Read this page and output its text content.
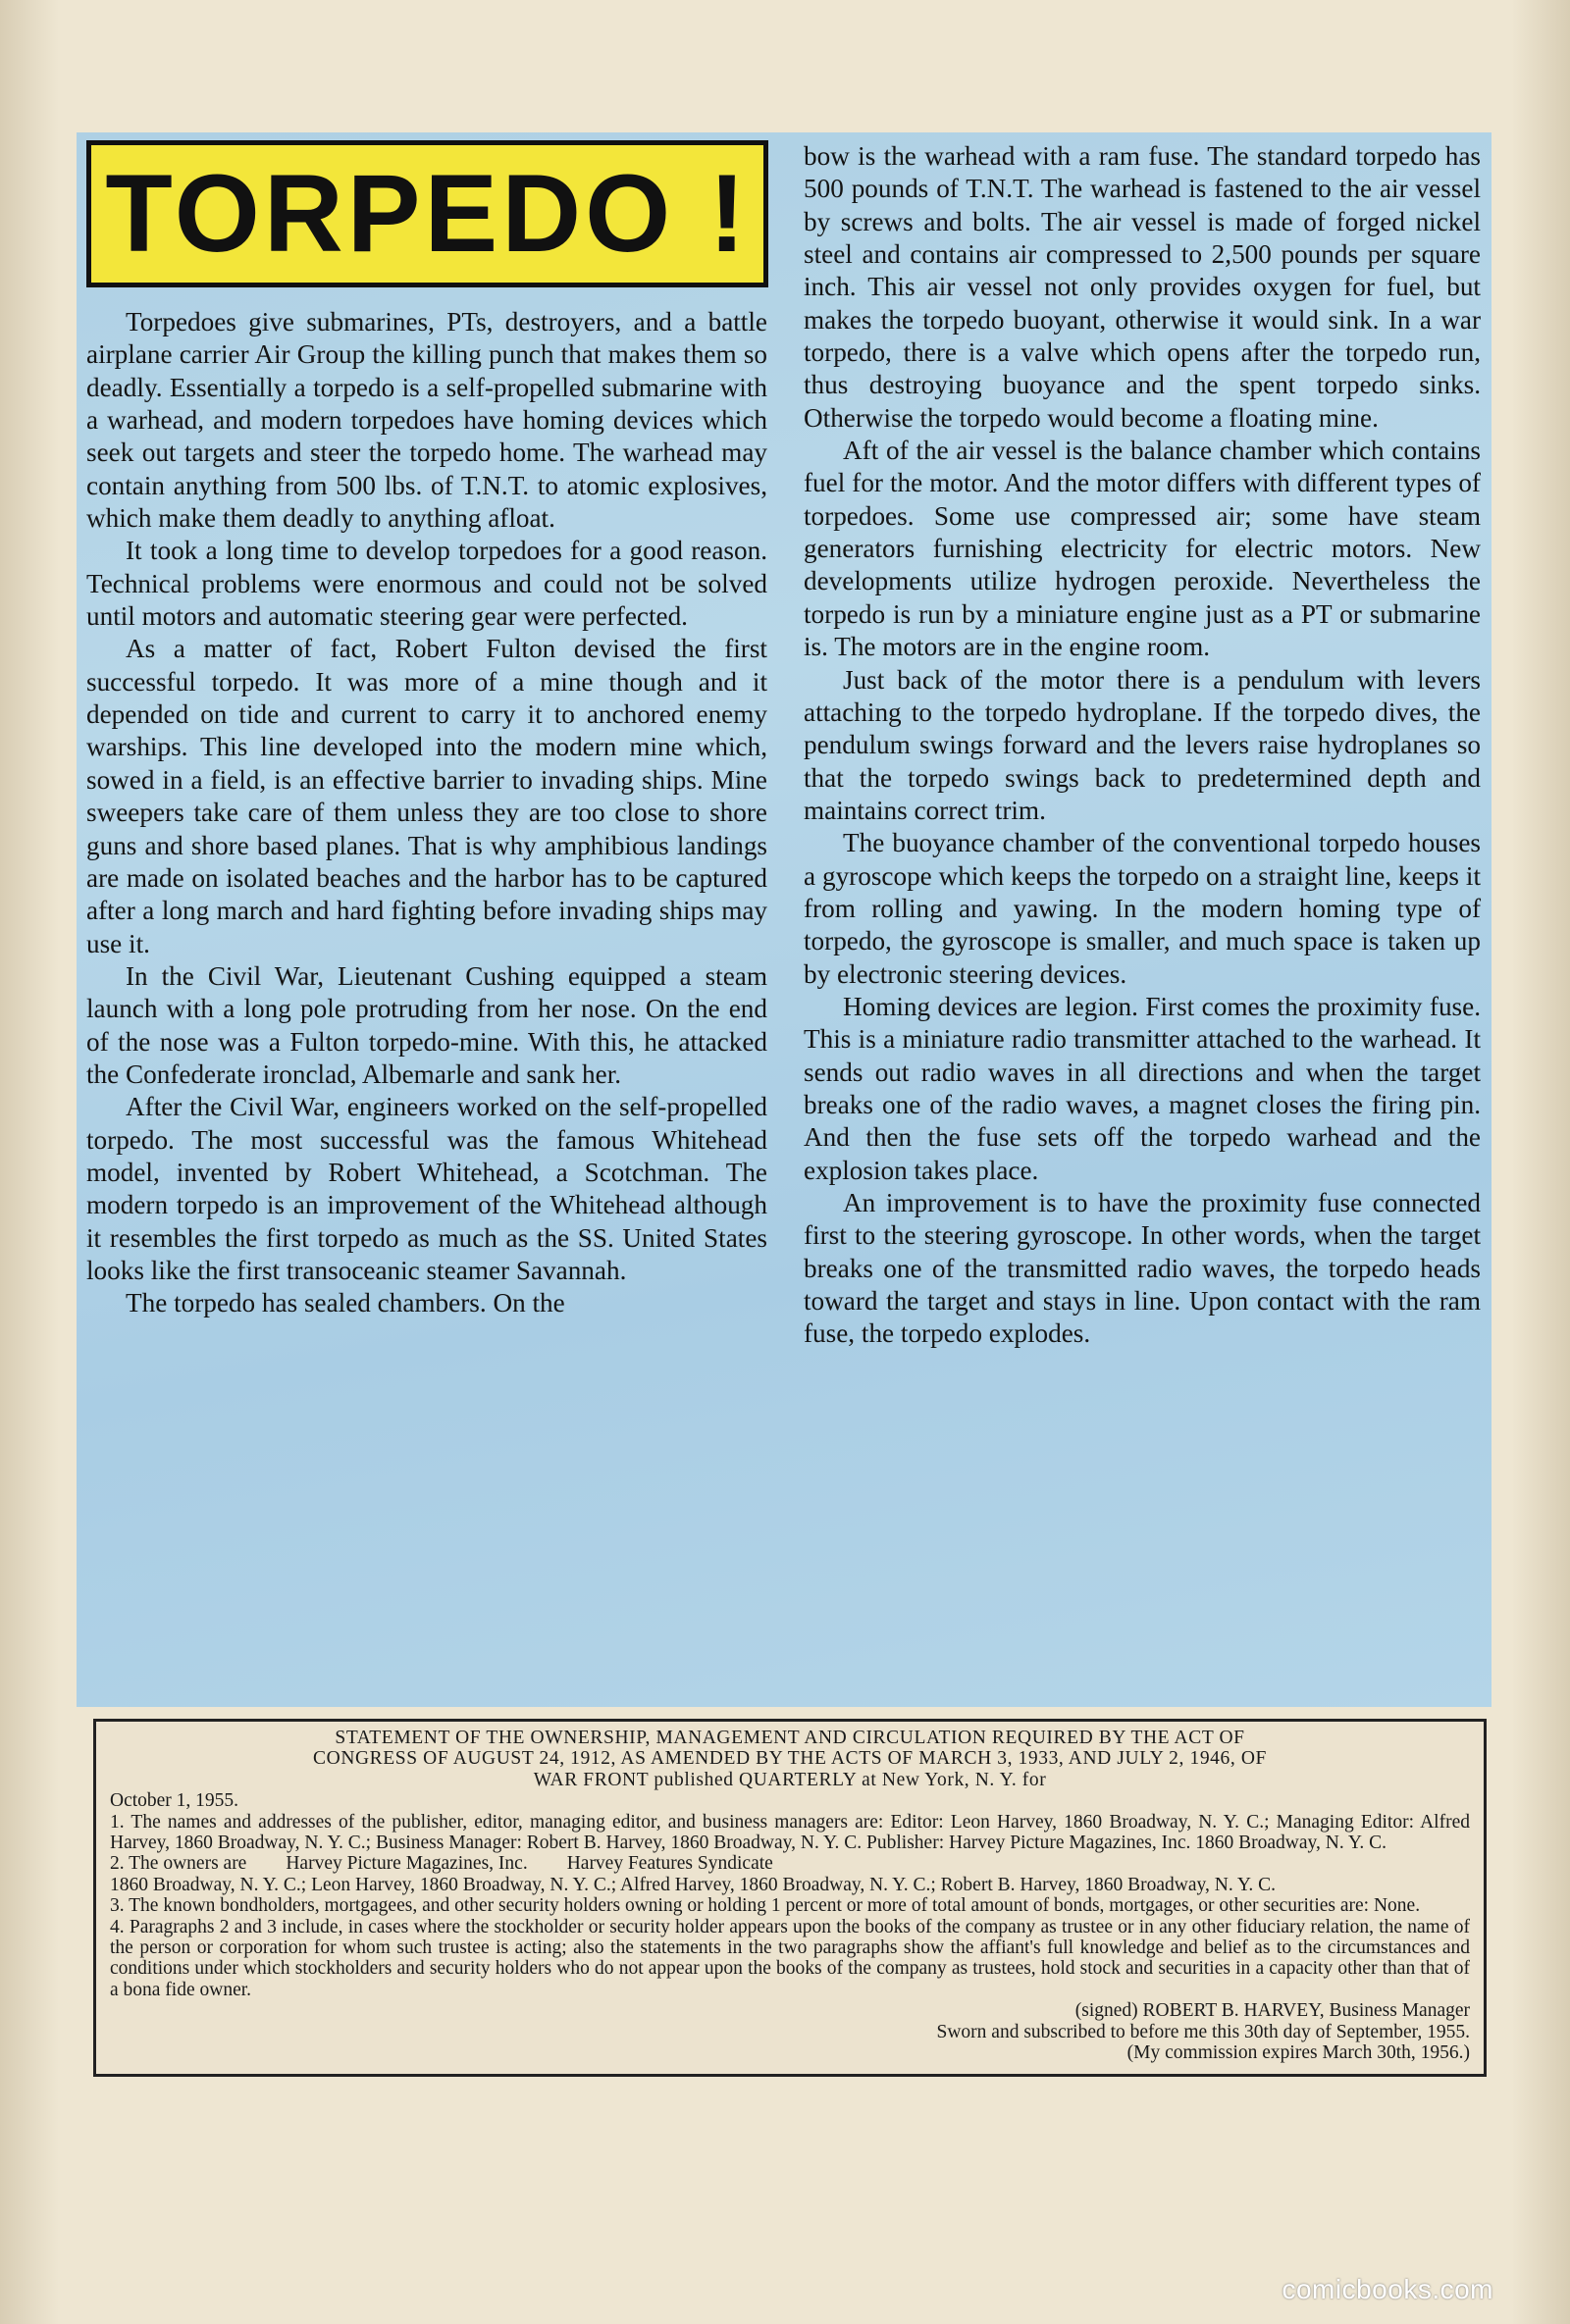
TORPEDO !

Torpedoes give submarines, PTs, destroyers, and a battle airplane carrier Air Group the killing punch that makes them so deadly. Essentially a torpedo is a self-propelled submarine with a warhead, and modern torpedoes have homing devices which seek out targets and steer the torpedo home. The warhead may contain anything from 500 lbs. of T.N.T. to atomic explosives, which make them deadly to anything afloat.

It took a long time to develop torpedoes for a good reason. Technical problems were enormous and could not be solved until motors and automatic steering gear were perfected.

As a matter of fact, Robert Fulton devised the first successful torpedo. It was more of a mine though and it depended on tide and current to carry it to anchored enemy warships. This line developed into the modern mine which, sowed in a field, is an effective barrier to invading ships. Mine sweepers take care of them unless they are too close to shore guns and shore based planes. That is why amphibious landings are made on isolated beaches and the harbor has to be captured after a long march and hard fighting before invading ships may use it.

In the Civil War, Lieutenant Cushing equipped a steam launch with a long pole protruding from her nose. On the end of the nose was a Fulton torpedo-mine. With this, he attacked the Confederate ironclad, Albemarle and sank her.

After the Civil War, engineers worked on the self-propelled torpedo. The most successful was the famous Whitehead model, invented by Robert Whitehead, a Scotchman. The modern torpedo is an improvement of the Whitehead although it resembles the first torpedo as much as the SS. United States looks like the first transoceanic steamer Savannah.

The torpedo has sealed chambers. On the

bow is the warhead with a ram fuse. The standard torpedo has 500 pounds of T.N.T. The warhead is fastened to the air vessel by screws and bolts. The air vessel is made of forged nickel steel and contains air compressed to 2,500 pounds per square inch. This air vessel not only provides oxygen for fuel, but makes the torpedo buoyant, otherwise it would sink. In a war torpedo, there is a valve which opens after the torpedo run, thus destroying buoyance and the spent torpedo sinks. Otherwise the torpedo would become a floating mine.

Aft of the air vessel is the balance chamber which contains fuel for the motor. And the motor differs with different types of torpedoes. Some use compressed air; some have steam generators furnishing electricity for electric motors. New developments utilize hydrogen peroxide. Nevertheless the torpedo is run by a miniature engine just as a PT or submarine is. The motors are in the engine room.

Just back of the motor there is a pendulum with levers attaching to the torpedo hydroplane. If the torpedo dives, the pendulum swings forward and the levers raise hydroplanes so that the torpedo swings back to predetermined depth and maintains correct trim.

The buoyance chamber of the conventional torpedo houses a gyroscope which keeps the torpedo on a straight line, keeps it from rolling and yawing. In the modern homing type of torpedo, the gyroscope is smaller, and much space is taken up by electronic steering devices.

Homing devices are legion. First comes the proximity fuse. This is a miniature radio transmitter attached to the warhead. It sends out radio waves in all directions and when the target breaks one of the radio waves, a magnet closes the firing pin. And then the fuse sets off the torpedo warhead and the explosion takes place.

An improvement is to have the proximity fuse connected first to the steering gyroscope. In other words, when the target breaks one of the transmitted radio waves, the torpedo heads toward the target and stays in line. Upon contact with the ram fuse, the torpedo explodes.

STATEMENT OF THE OWNERSHIP, MANAGEMENT AND CIRCULATION REQUIRED BY THE ACT OF

CONGRESS OF AUGUST 24, 1912, AS AMENDED BY THE ACTS OF MARCH 3, 1933, AND JULY 2, 1946, OF

WAR FRONT published QUARTERLY at New York, N. Y. for

October 1, 1955.

1. The names and addresses of the publisher, editor, managing editor, and business managers are: Editor: Leon Harvey, 1860 Broadway, N. Y. C.; Managing Editor: Alfred Harvey, 1860 Broadway, N. Y. C.; Business Manager: Robert B. Harvey, 1860 Broadway, N. Y. C. Publisher: Harvey Picture Magazines, Inc. 1860 Broadway, N. Y. C.

2. The owners are Harvey Picture Magazines, Inc. Harvey Features Syndicate

1860 Broadway, N. Y. C.; Leon Harvey, 1860 Broadway, N. Y. C.; Alfred Harvey, 1860 Broadway, N. Y. C.; Robert B. Harvey, 1860 Broadway, N. Y. C.

3. The known bondholders, mortgagees, and other security holders owning or holding 1 percent or more of total amount of bonds, mortgages, or other securities are: None.

4. Paragraphs 2 and 3 include, in cases where the stockholder or security holder appears upon the books of the company as trustee or in any other fiduciary relation, the name of the person or corporation for whom such trustee is acting; also the statements in the two paragraphs show the affiant's full knowledge and belief as to the circumstances and conditions under which stockholders and security holders who do not appear upon the books of the company as trustees, hold stock and securities in a capacity other than that of a bona fide owner.

(signed) ROBERT B. HARVEY, Business Manager

Sworn and subscribed to before me this 30th day of September, 1955.

(My commission expires March 30th, 1956.)

comicbooks.com
